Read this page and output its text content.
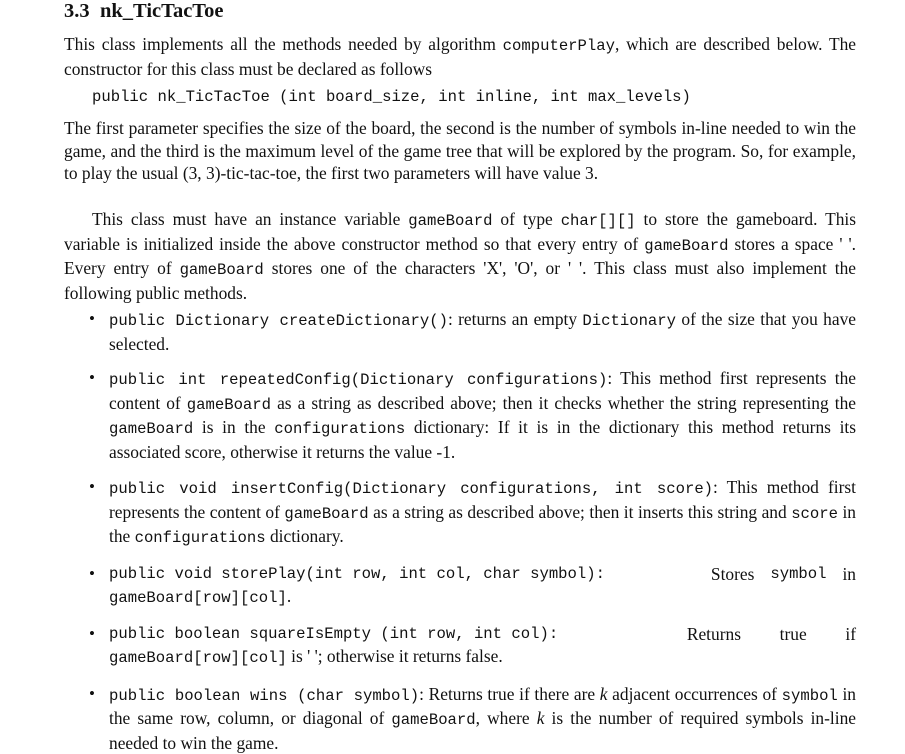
3.3 nk_TicTacToe

This class implements all the methods needed by algorithm computerPlay, which are described below. The constructor for this class must be declared as follows

public nk_TicTacToe (int board_size, int inline, int max_levels)

The first parameter specifies the size of the board, the second is the number of symbols in-line needed to win the game, and the third is the maximum level of the game tree that will be explored by the program. So, for example, to play the usual (3, 3)-tic-tac-toe, the first two parameters will have value 3.

This class must have an instance variable gameBoard of type char[][] to store the gameboard. This variable is initialized inside the above constructor method so that every entry of gameBoard stores a space ' '. Every entry of gameBoard stores one of the characters 'X', 'O', or ' '. This class must also implement the following public methods.

• public Dictionary createDictionary(): returns an empty Dictionary of the size that you have selected.
• public int repeatedConfig(Dictionary configurations): This method first represents the content of gameBoard as a string as described above; then it checks whether the string representing the gameBoard is in the configurations dictionary: If it is in the dictionary this method returns its associated score, otherwise it returns the value -1.
• public void insertConfig(Dictionary configurations, int score): This method first represents the content of gameBoard as a string as described above; then it inserts this string and score in the configurations dictionary.
• public void storePlay(int row, int col, char symbol):	Stores symbol in
gameBoard[row][col].
• public boolean squareIsEmpty (int row, int col):	Returns true if
gameBoard[row][col] is ' '; otherwise it returns false.
• public boolean wins (char symbol): Returns true if there are k adjacent occurrences of symbol in the same row, column, or diagonal of gameBoard, where k is the number of required symbols in-line needed to win the game.
